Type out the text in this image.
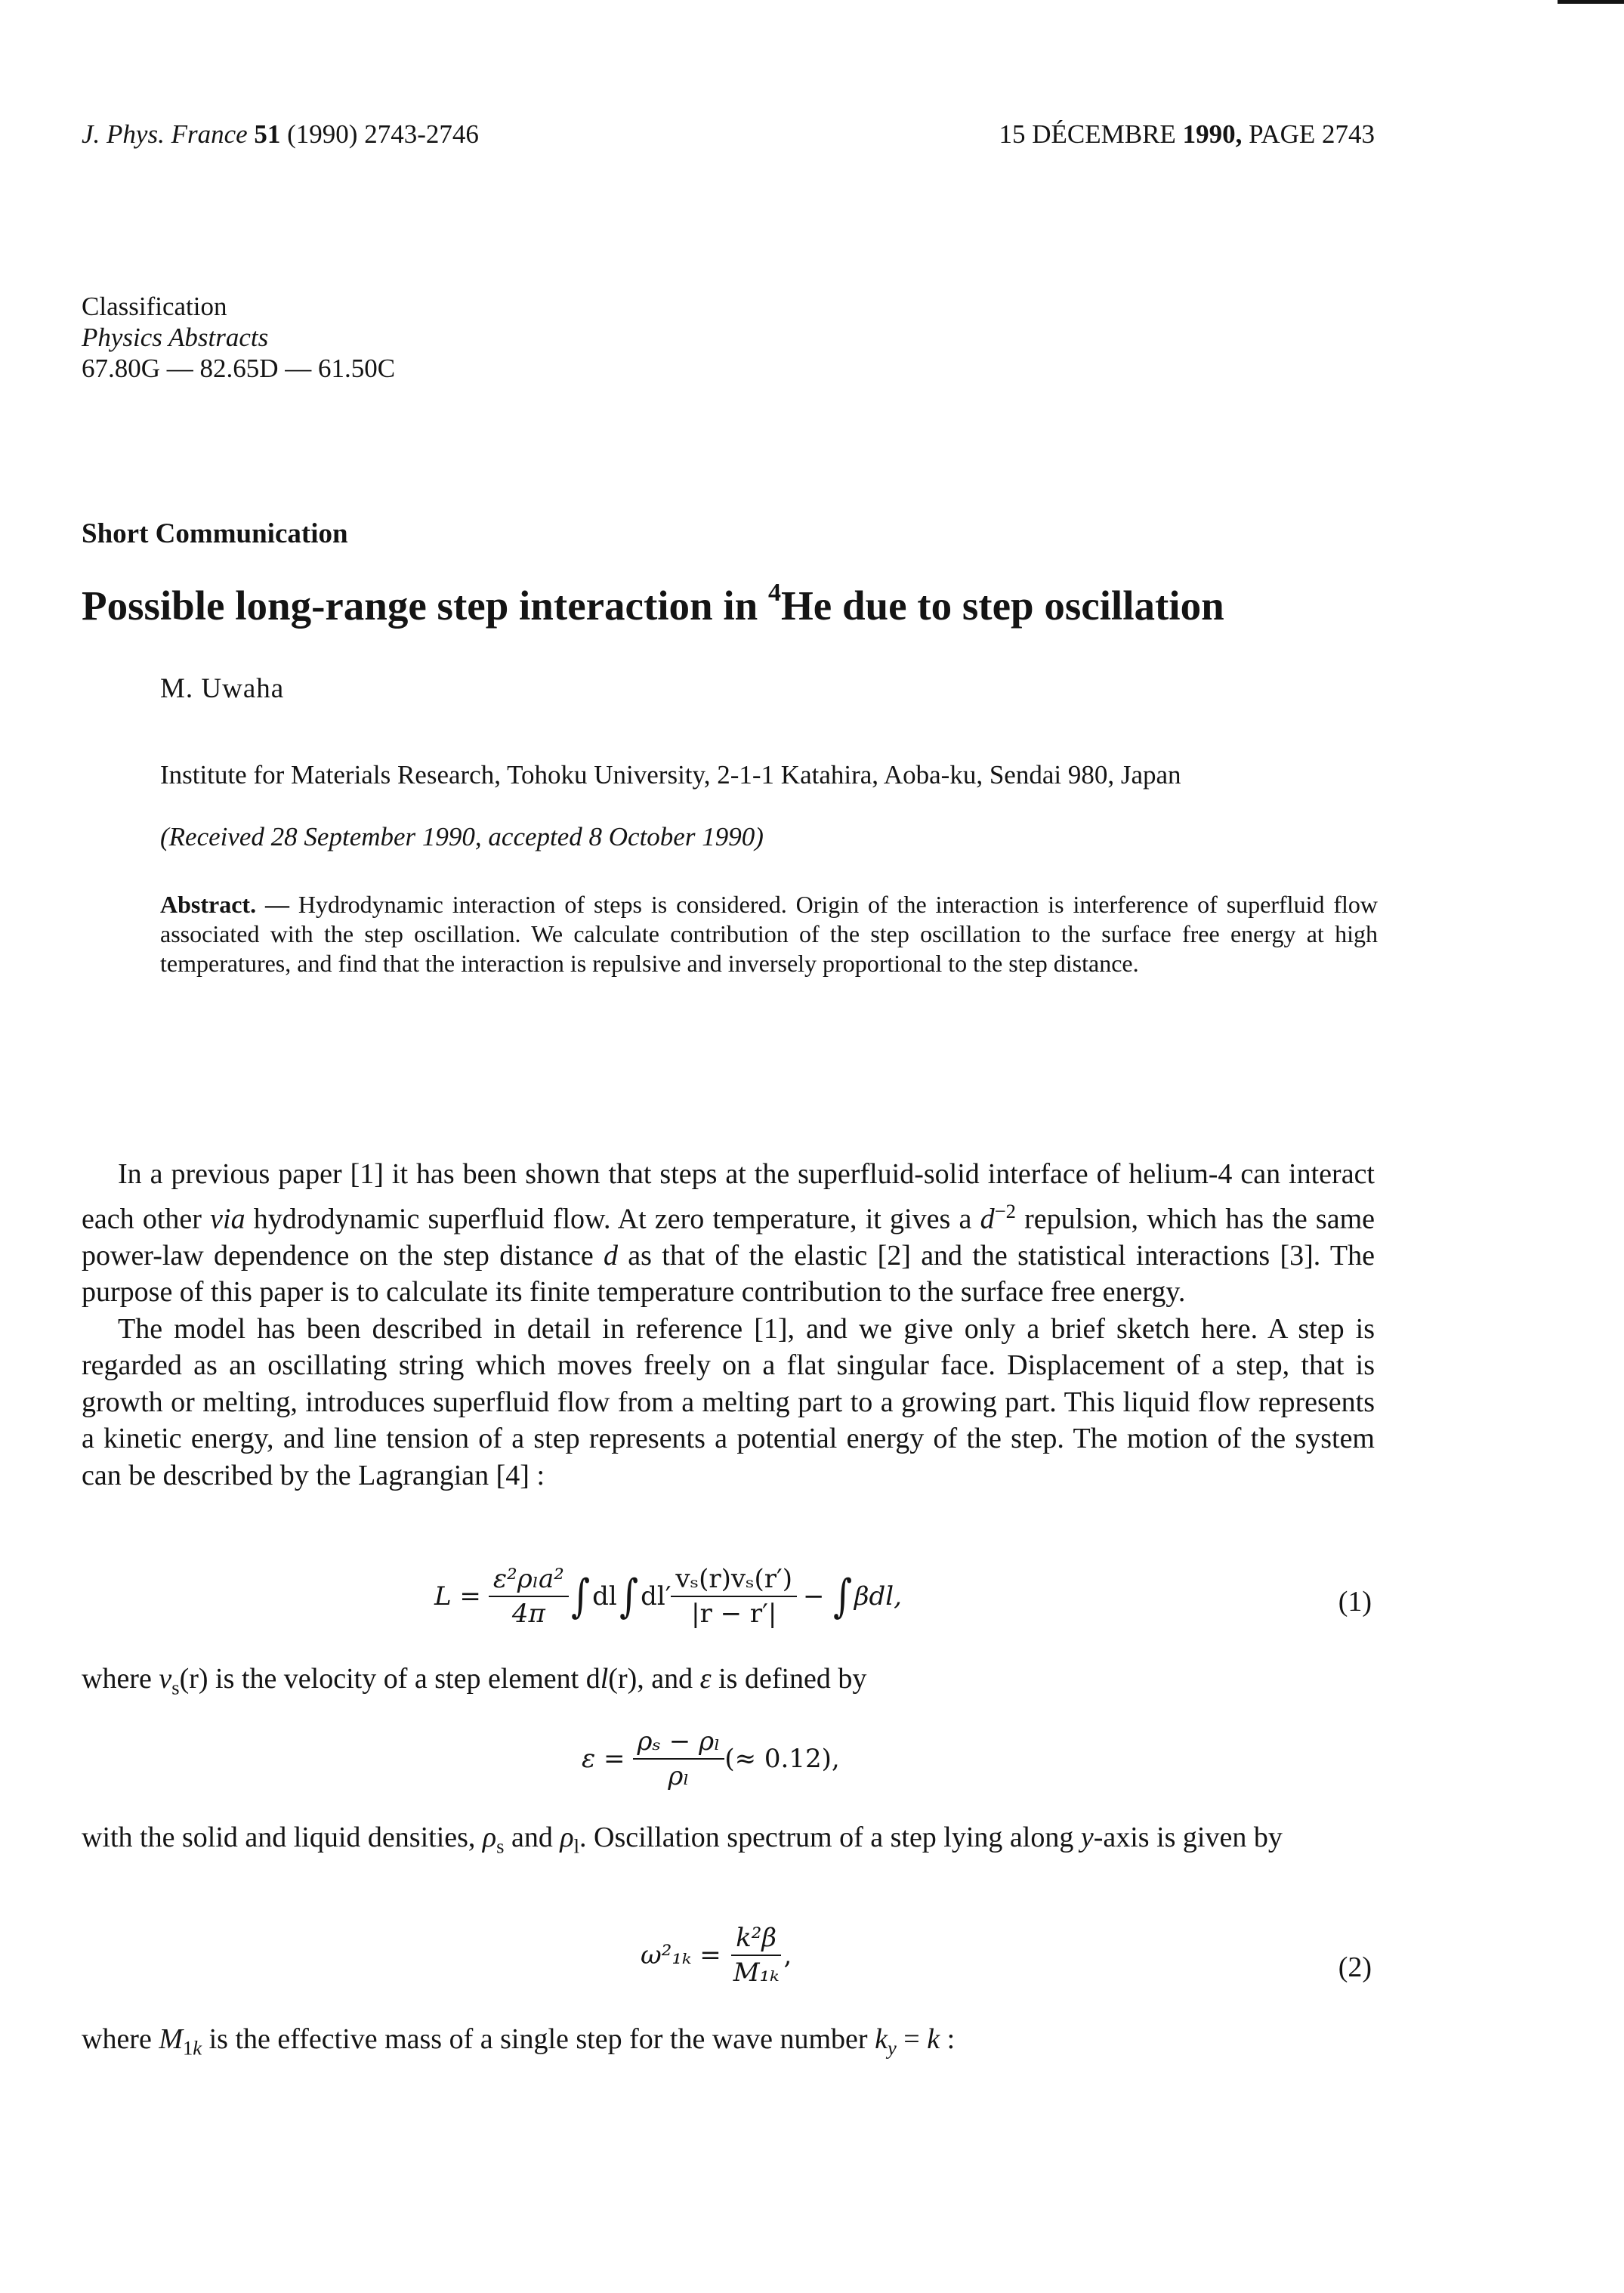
J. Phys. France 51 (1990) 2743-2746	15 DÉCEMBRE 1990, PAGE 2743
Classification
Physics Abstracts
67.80G — 82.65D — 61.50C
Short Communication
Possible long-range step interaction in $^4$He due to step oscillation
M. Uwaha
Institute for Materials Research, Tohoku University, 2-1-1 Katahira, Aoba-ku, Sendai 980, Japan
(Received 28 September 1990, accepted 8 October 1990)
Abstract. — Hydrodynamic interaction of steps is considered. Origin of the interaction is interference of superfluid flow associated with the step oscillation. We calculate contribution of the step oscillation to the surface free energy at high temperatures, and find that the interaction is repulsive and inversely proportional to the step distance.

In a previous paper [1] it has been shown that steps at the superfluid-solid interface of helium-4 can interact each other via hydrodynamic superfluid flow. At zero temperature, it gives a $d^{-2}$ repulsion, which has the same power-law dependence on the step distance d as that of the elastic [2] and the statistical interactions [3]. The purpose of this paper is to calculate its finite temperature contribution to the surface free energy.

The model has been described in detail in reference [1], and we give only a brief sketch here. A step is regarded as an oscillating string which moves freely on a flat singular face. Displacement of a step, that is growth or melting, introduces superfluid flow from a melting part to a growing part. This liquid flow represents a kinetic energy, and line tension of a step represents a potential energy of the step. The motion of the system can be described by the Lagrangian [4] :

$L = \frac{\text{ε²ρₗa²}}{4\pi}$ ∫ dl ∫ $dl' \frac{\text{vₛ(r)vₛ(r′)}}{|r - r'|}$ − ∫ βdl,	(1)
where $v_s(r)$ is the velocity of a step element dl(r), and ε is defined by
$\varepsilon = \frac{\text{ρₛ − ρₗ}}{\text{ρₗ}}$ (≈ 0.12),
with the solid and liquid densities, $\rho_s$ and $\rho_l$. Oscillation spectrum of a step lying along y-axis is given by
$\omega^2_{1k} = \frac{\text{k²β}}{\text{M₁ₖ}}$ ,	(2)
where $M_{1k}$ is the effective mass of a single step for the wave number $k_y = k$ :
